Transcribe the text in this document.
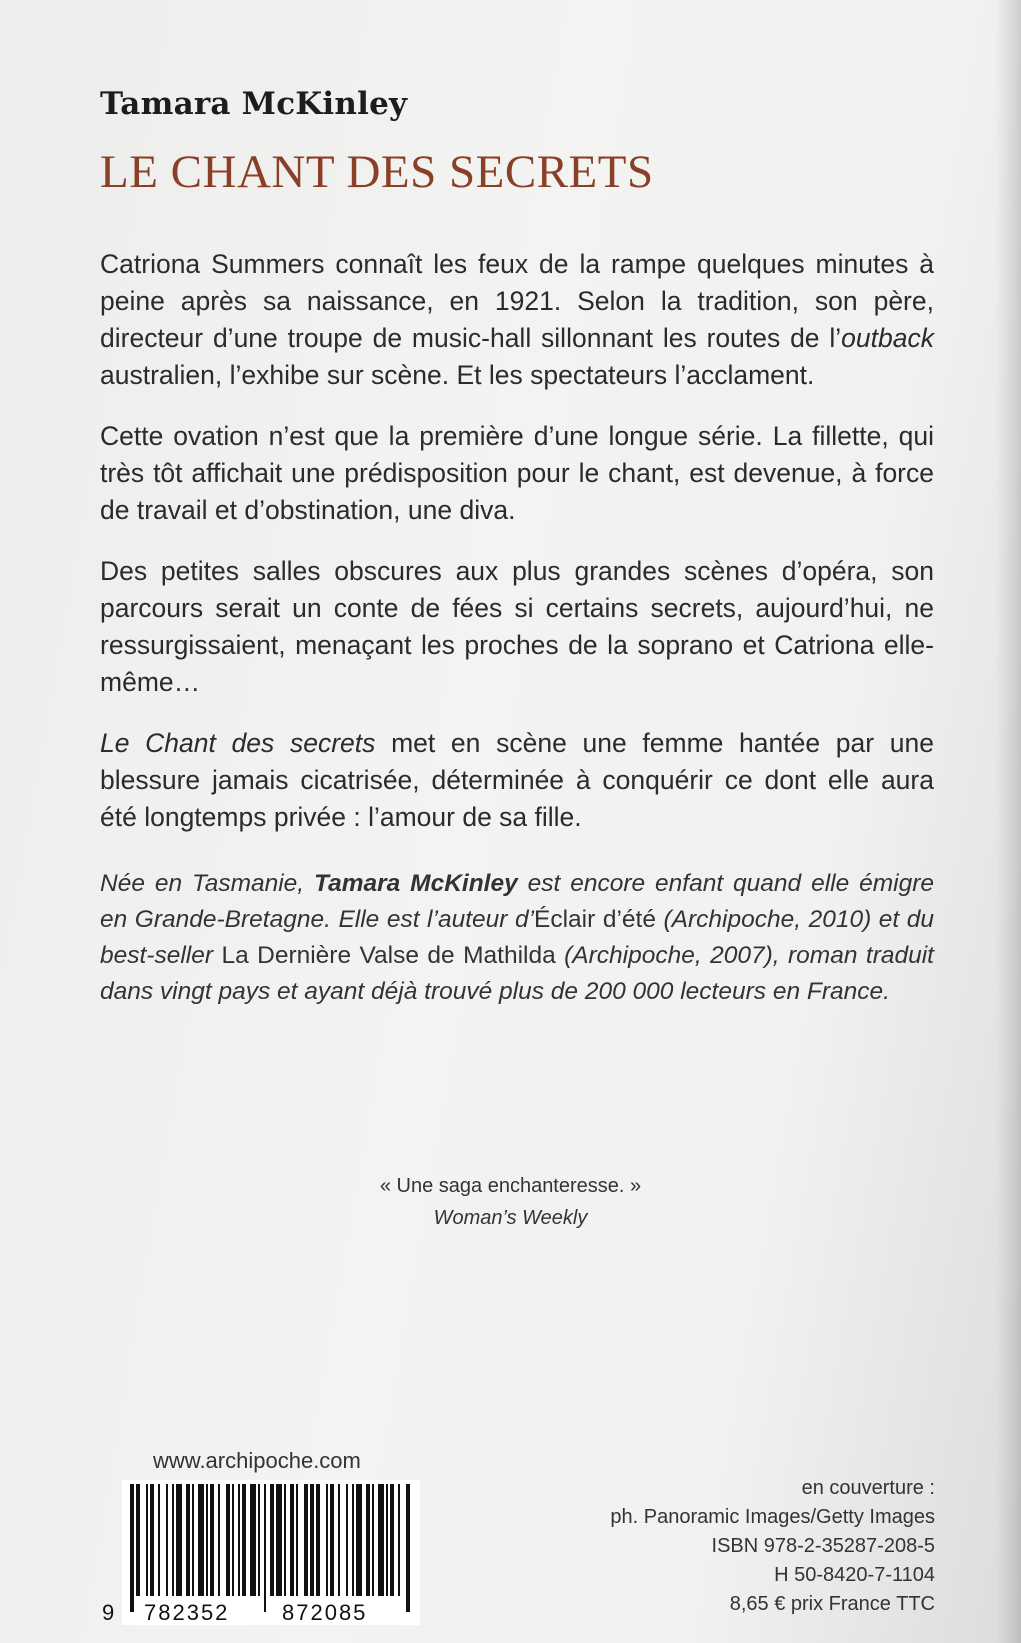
Tamara McKinley
LE CHANT DES SECRETS

Catriona Summers connaît les feux de la rampe quelques minutes à peine après sa naissance, en 1921. Selon la tradition, son père, directeur d’une troupe de music-hall sillonnant les routes de l’outback australien, l’exhibe sur scène. Et les spectateurs l’acclament.

Cette ovation n’est que la première d’une longue série. La fillette, qui très tôt affichait une prédisposition pour le chant, est devenue, à force de travail et d’obstination, une diva.

Des petites salles obscures aux plus grandes scènes d’opéra, son parcours serait un conte de fées si certains secrets, aujourd’hui, ne ressurgissaient, menaçant les proches de la soprano et Catriona elle-même…

Le Chant des secrets met en scène une femme hantée par une blessure jamais cicatrisée, déterminée à conquérir ce dont elle aura été longtemps privée : l’amour de sa fille.

Née en Tasmanie, Tamara McKinley est encore enfant quand elle émigre en Grande-Bretagne. Elle est l’auteur d’Éclair d’été (Archipoche, 2010) et du best-seller La Dernière Valse de Mathilda (Archipoche, 2007), roman traduit dans vingt pays et ayant déjà trouvé plus de 200 000 lecteurs en France.

« Une saga enchanteresse. »
Woman’s Weekly
www.archipoche.com
9 782352 872085
en couverture :
ph. Panoramic Images/Getty Images
ISBN 978-2-35287-208-5
H 50-8420-7-1104
8,65 € prix France TTC
